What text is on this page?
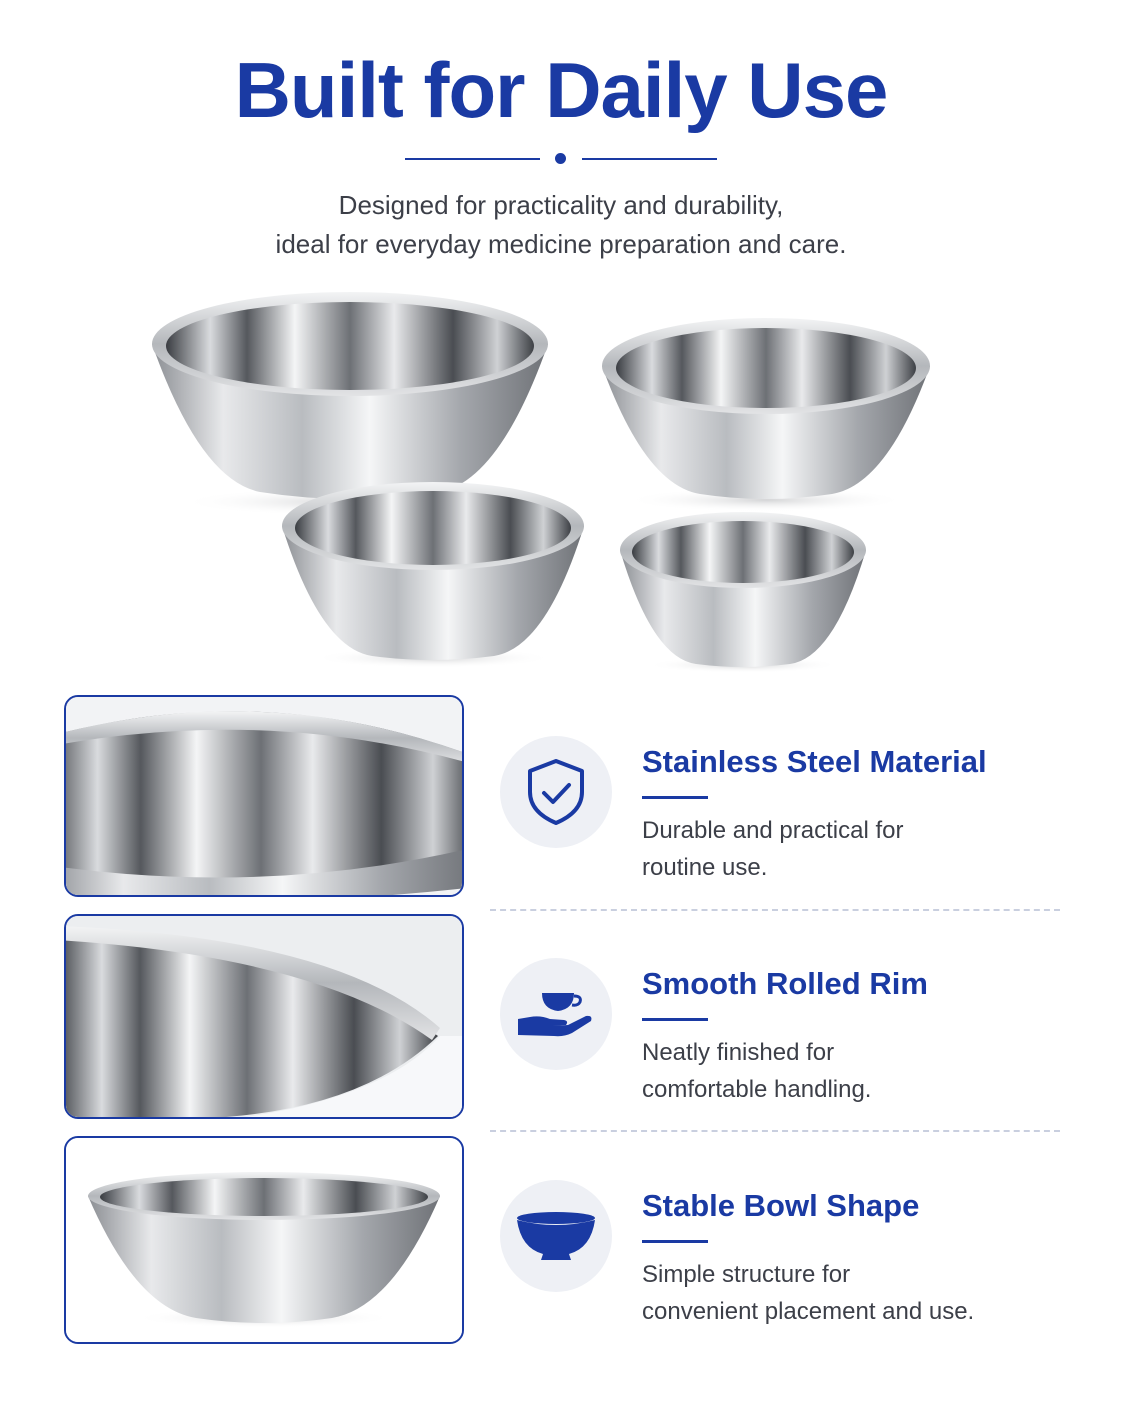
Built for Daily Use
Designed for practicality and durability,
ideal for everyday medicine preparation and care.
Stainless Steel Material
Durable and practical for
routine use.
Smooth Rolled Rim
Neatly finished for
comfortable handling.
Stable Bowl Shape
Simple structure for
convenient placement and use.
